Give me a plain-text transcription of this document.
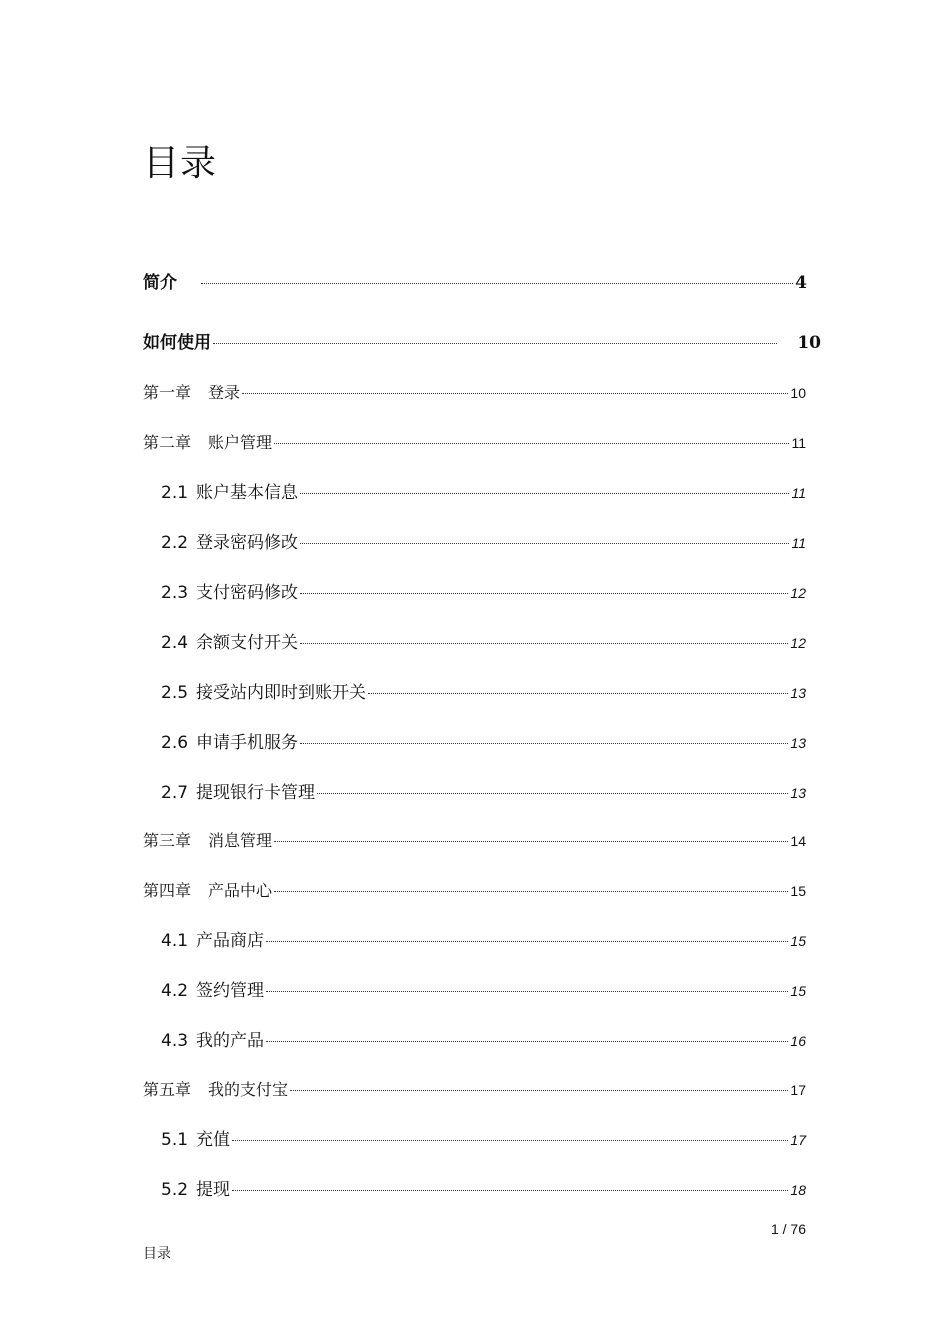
目录
简介	4
如何使用	10
第一章 登录	10
第二章 账户管理	11
2.1 账户基本信息	11
2.2 登录密码修改	11
2.3 支付密码修改	12
2.4 余额支付开关	12
2.5 接受站内即时到账开关	13
2.6 申请手机服务	13
2.7 提现银行卡管理	13
第三章 消息管理	14
第四章 产品中心	15
4.1 产品商店	15
4.2 签约管理	15
4.3 我的产品	16
第五章 我的支付宝	17
5.1 充值	17
5.2 提现	18
1 / 76
目录
